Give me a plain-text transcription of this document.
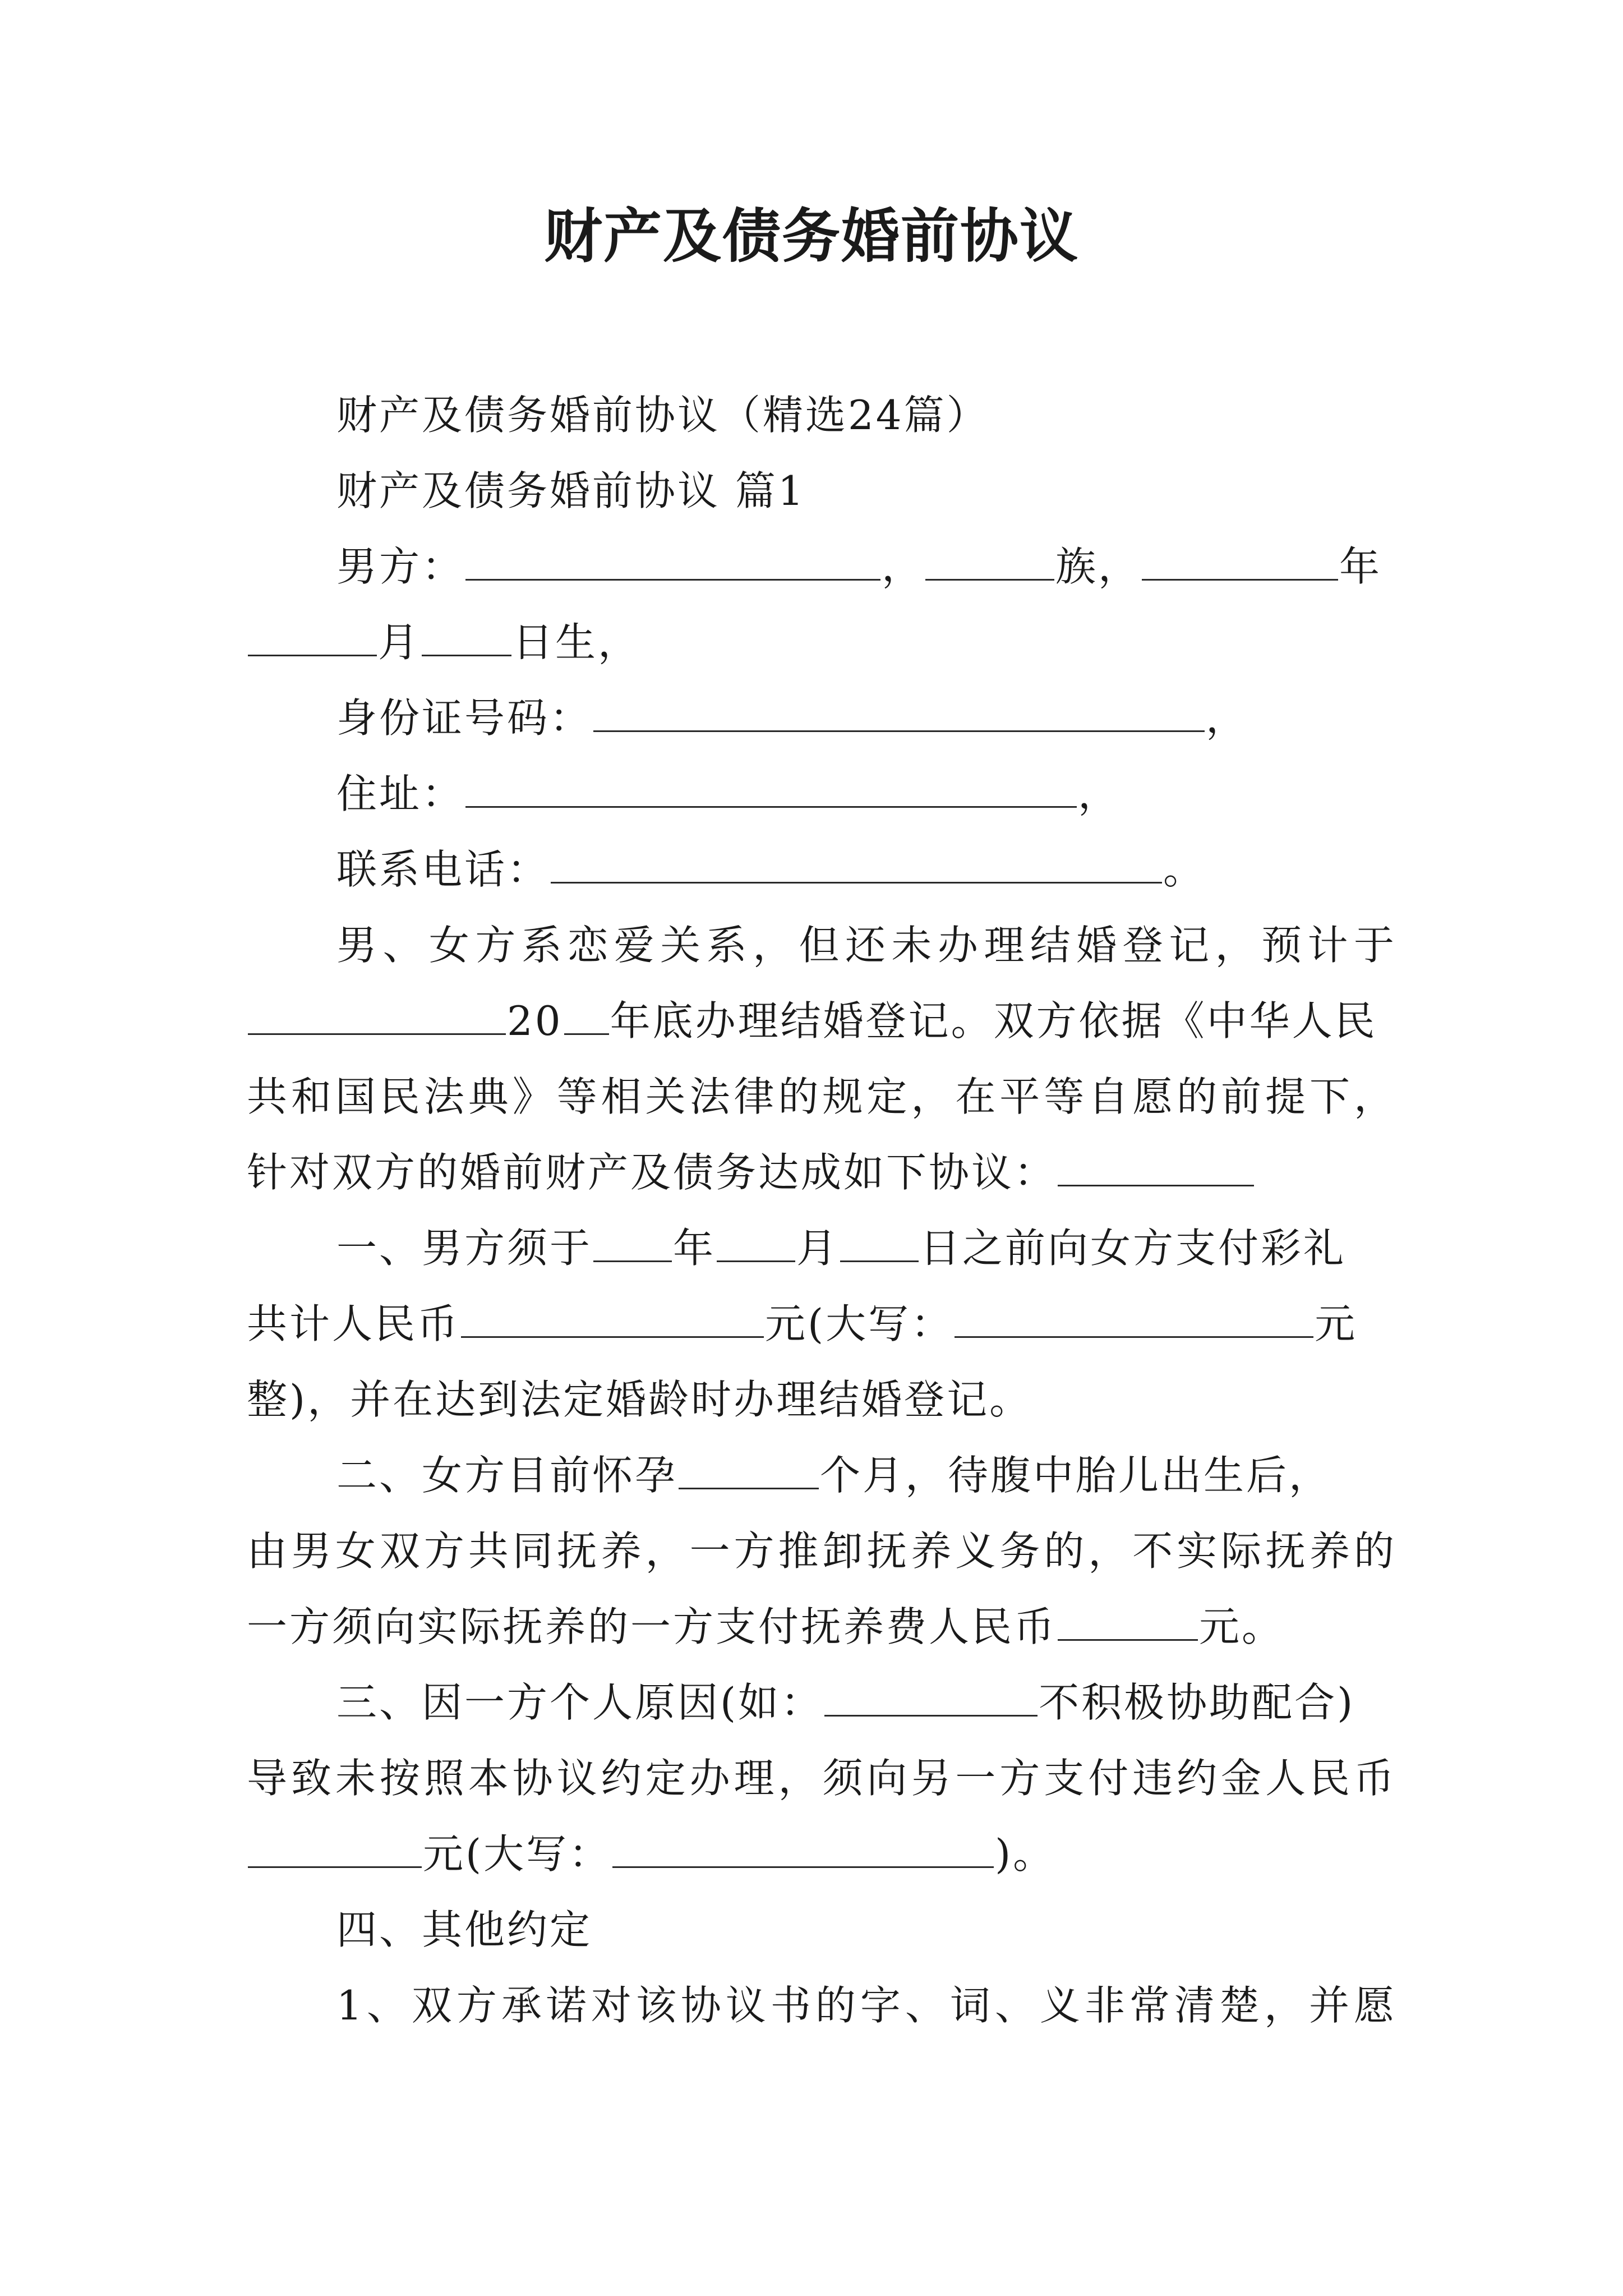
财产及债务婚前协议
财产及债务婚前协议（精选24篇）
财产及债务婚前协议 篇1
男方：	，	族，	年
月 日生，
身份证号码：	，
住址：	，
联系电话：	。
男、女方系恋爱关系，但还未办理结婚登记，预计于
20 年底办理结婚登记。双方依据《中华人民
共和国民法典》等相关法律的规定，在平等自愿的前提下，
针对双方的婚前财产及债务达成如下协议：
一、男方须于 年 月 日之前向女方支付彩礼
共计人民币	元(大写：	元
整)，并在达到法定婚龄时办理结婚登记。
二、女方目前怀孕	个月，待腹中胎儿出生后，
由男女双方共同抚养，一方推卸抚养义务的，不实际抚养的
一方须向实际抚养的一方支付抚养费人民币	元。
三、因一方个人原因(如：	不积极协助配合)
导致未按照本协议约定办理，须向另一方支付违约金人民币
元(大写：	)。
四、其他约定
1、双方承诺对该协议书的字、词、义非常清楚，并愿
